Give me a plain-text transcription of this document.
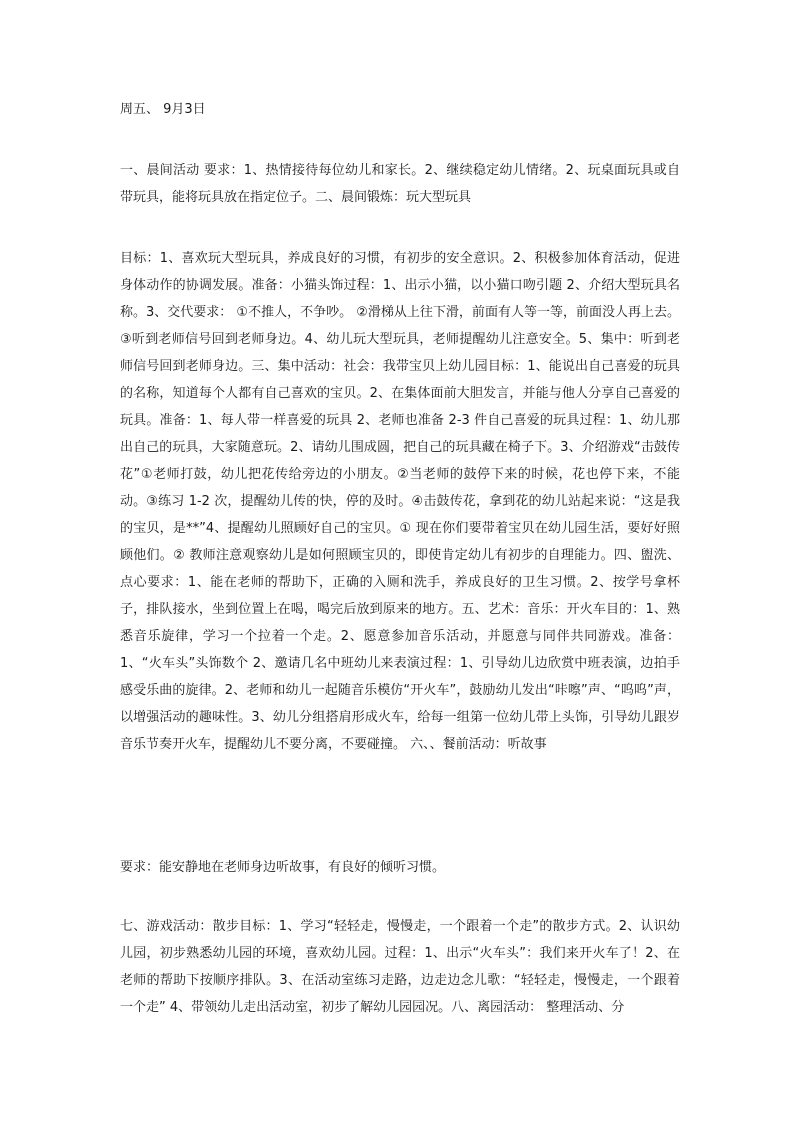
周五、 9月3日
一、晨间活动 要求：1、热情接待每位幼儿和家长。2、继续稳定幼儿情绪。2、玩桌面玩具或自带玩具，能将玩具放在指定位子。二、晨间锻炼：玩大型玩具
目标：1、喜欢玩大型玩具，养成良好的习惯，有初步的安全意识。2、积极参加体育活动，促进身体动作的协调发展。准备：小猫头饰过程：1、出示小猫，以小猫口吻引题 2、介绍大型玩具名称。3、交代要求： ①不推人，不争吵。 ②滑梯从上往下滑，前面有人等一等，前面没人再上去。③听到老师信号回到老师身边。4、幼儿玩大型玩具，老师提醒幼儿注意安全。5、集中：听到老师信号回到老师身边。三、集中活动：社会：我带宝贝上幼儿园目标：1、能说出自己喜爱的玩具的名称，知道每个人都有自己喜欢的宝贝。2、在集体面前大胆发言，并能与他人分享自己喜爱的玩具。准备：1、每人带一样喜爱的玩具 2、老师也准备 2-3 件自己喜爱的玩具过程：1、幼儿那出自己的玩具，大家随意玩。2、请幼儿围成圆，把自己的玩具藏在椅子下。3、介绍游戏“击鼓传花”①老师打鼓，幼儿把花传给旁边的小朋友。②当老师的鼓停下来的时候，花也停下来，不能动。③练习 1-2 次，提醒幼儿传的快，停的及时。④击鼓传花，拿到花的幼儿站起来说：“这是我的宝贝，是**”4、提醒幼儿照顾好自己的宝贝。① 现在你们要带着宝贝在幼儿园生活，要好好照顾他们。② 教师注意观察幼儿是如何照顾宝贝的，即使肯定幼儿有初步的自理能力。四、盥洗、点心要求：1、能在老师的帮助下，正确的入厕和洗手，养成良好的卫生习惯。2、按学号拿杯子，排队接水，坐到位置上在喝，喝完后放到原来的地方。五、艺术：音乐：开火车目的：1、熟悉音乐旋律，学习一个拉着一个走。2、愿意参加音乐活动，并愿意与同伴共同游戏。准备：1、“火车头”头饰数个 2、邀请几名中班幼儿来表演过程：1、引导幼儿边欣赏中班表演，边拍手感受乐曲的旋律。2、老师和幼儿一起随音乐模仿“开火车”，鼓励幼儿发出“咔嚓”声、“呜呜”声，以增强活动的趣味性。3、幼儿分组搭肩形成火车，给每一组第一位幼儿带上头饰，引导幼儿跟岁音乐节奏开火车，提醒幼儿不要分离，不要碰撞。 六、、餐前活动：听故事
要求：能安静地在老师身边听故事，有良好的倾听习惯。
七、游戏活动：散步目标：1、学习“轻轻走，慢慢走，一个跟着一个走”的散步方式。2、认识幼儿园，初步熟悉幼儿园的环境，喜欢幼儿园。过程：1、出示“火车头”：我们来开火车了！2、在老师的帮助下按顺序排队。3、在活动室练习走路，边走边念儿歌：“轻轻走，慢慢走，一个跟着一个走” 4、带领幼儿走出活动室，初步了解幼儿园园况。八、离园活动： 整理活动、分
